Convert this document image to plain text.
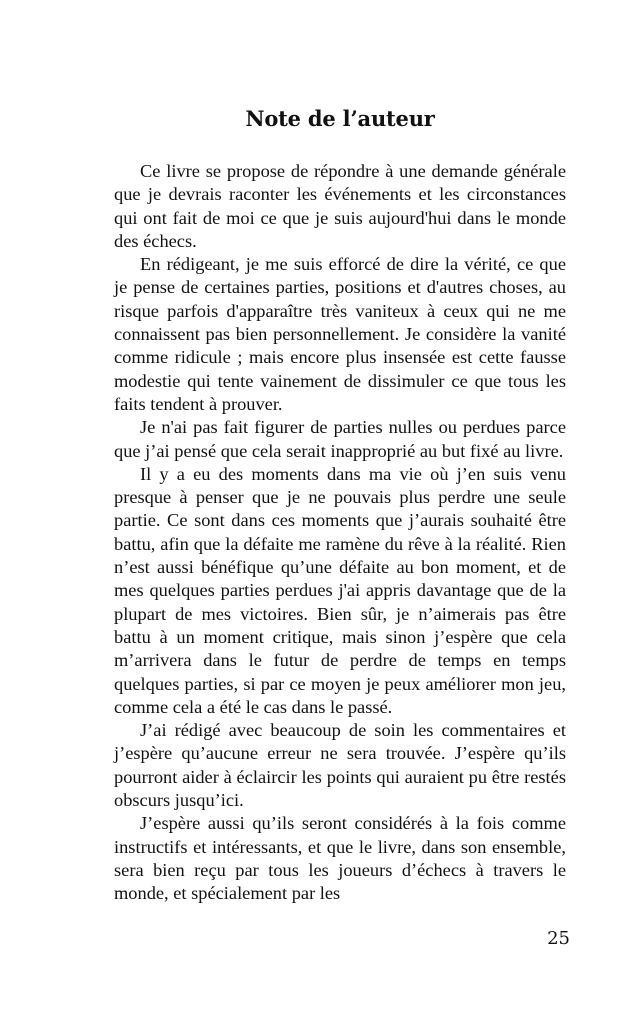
Note de l’auteur

Ce livre se propose de répondre à une demande générale que je devrais raconter les événements et les circonstances qui ont fait de moi ce que je suis aujourd'hui dans le monde des échecs.

En rédigeant, je me suis efforcé de dire la vérité, ce que je pense de certaines parties, positions et d'autres choses, au risque parfois d'apparaître très vaniteux à ceux qui ne me connaissent pas bien personnellement. Je considère la vanité comme ridicule ; mais encore plus insensée est cette fausse modestie qui tente vainement de dissimuler ce que tous les faits tendent à prouver.

Je n'ai pas fait figurer de parties nulles ou perdues parce que j’ai pensé que cela serait inapproprié au but fixé au livre.

Il y a eu des moments dans ma vie où j’en suis venu presque à penser que je ne pouvais plus perdre une seule partie. Ce sont dans ces moments que j’aurais souhaité être battu, afin que la défaite me ramène du rêve à la réalité. Rien n’est aussi bénéfique qu’une défaite au bon moment, et de mes quelques parties perdues j'ai appris davantage que de la plupart de mes victoires. Bien sûr, je n’aimerais pas être battu à un moment critique, mais sinon j’espère que cela m’arrivera dans le futur de perdre de temps en temps quelques parties, si par ce moyen je peux améliorer mon jeu, comme cela a été le cas dans le passé.

J’ai rédigé avec beaucoup de soin les commentaires et j’espère qu’aucune erreur ne sera trouvée. J’espère qu’ils pourront aider à éclaircir les points qui auraient pu être restés obscurs jusqu’ici.

J’espère aussi qu’ils seront considérés à la fois comme instructifs et intéressants, et que le livre, dans son ensemble, sera bien reçu par tous les joueurs d’échecs à travers le monde, et spécialement par les

25
